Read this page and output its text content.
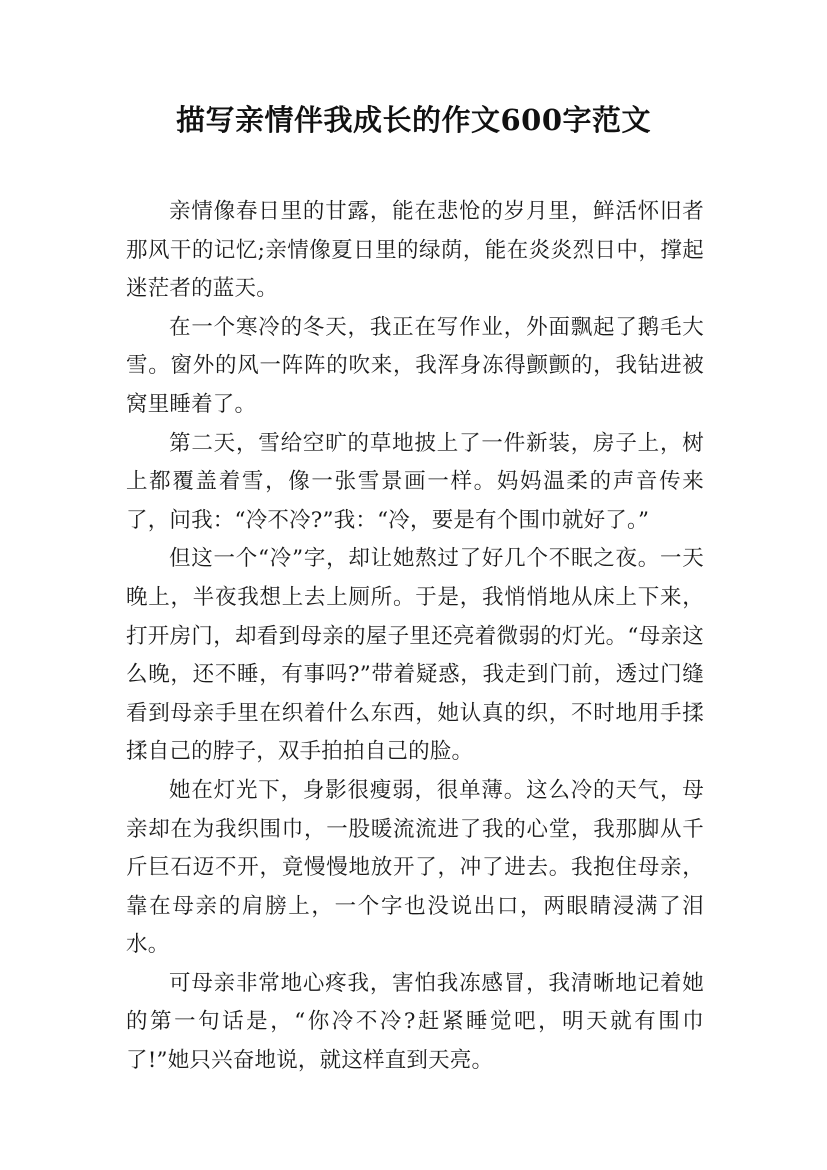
描写亲情伴我成长的作文600字范文

亲情像春日里的甘露，能在悲怆的岁月里，鲜活怀旧者那风干的记忆;亲情像夏日里的绿荫，能在炎炎烈日中，撑起迷茫者的蓝天。

在一个寒冷的冬天，我正在写作业，外面飘起了鹅毛大雪。窗外的风一阵阵的吹来，我浑身冻得颤颤的，我钻进被窝里睡着了。

第二天，雪给空旷的草地披上了一件新装，房子上，树上都覆盖着雪，像一张雪景画一样。妈妈温柔的声音传来了，问我：“冷不冷?”我：“冷，要是有个围巾就好了。”

但这一个“冷”字，却让她熬过了好几个不眠之夜。一天晚上，半夜我想上去上厕所。于是，我悄悄地从床上下来，打开房门，却看到母亲的屋子里还亮着微弱的灯光。“母亲这么晚，还不睡，有事吗?”带着疑惑，我走到门前，透过门缝看到母亲手里在织着什么东西，她认真的织，不时地用手揉揉自己的脖子，双手拍拍自己的脸。

她在灯光下，身影很瘦弱，很单薄。这么冷的天气，母亲却在为我织围巾，一股暖流流进了我的心堂，我那脚从千斤巨石迈不开，竟慢慢地放开了，冲了进去。我抱住母亲，靠在母亲的肩膀上，一个字也没说出口，两眼睛浸满了泪水。

可母亲非常地心疼我，害怕我冻感冒，我清晰地记着她的第一句话是，“你冷不冷?赶紧睡觉吧，明天就有围巾了!”她只兴奋地说，就这样直到天亮。
